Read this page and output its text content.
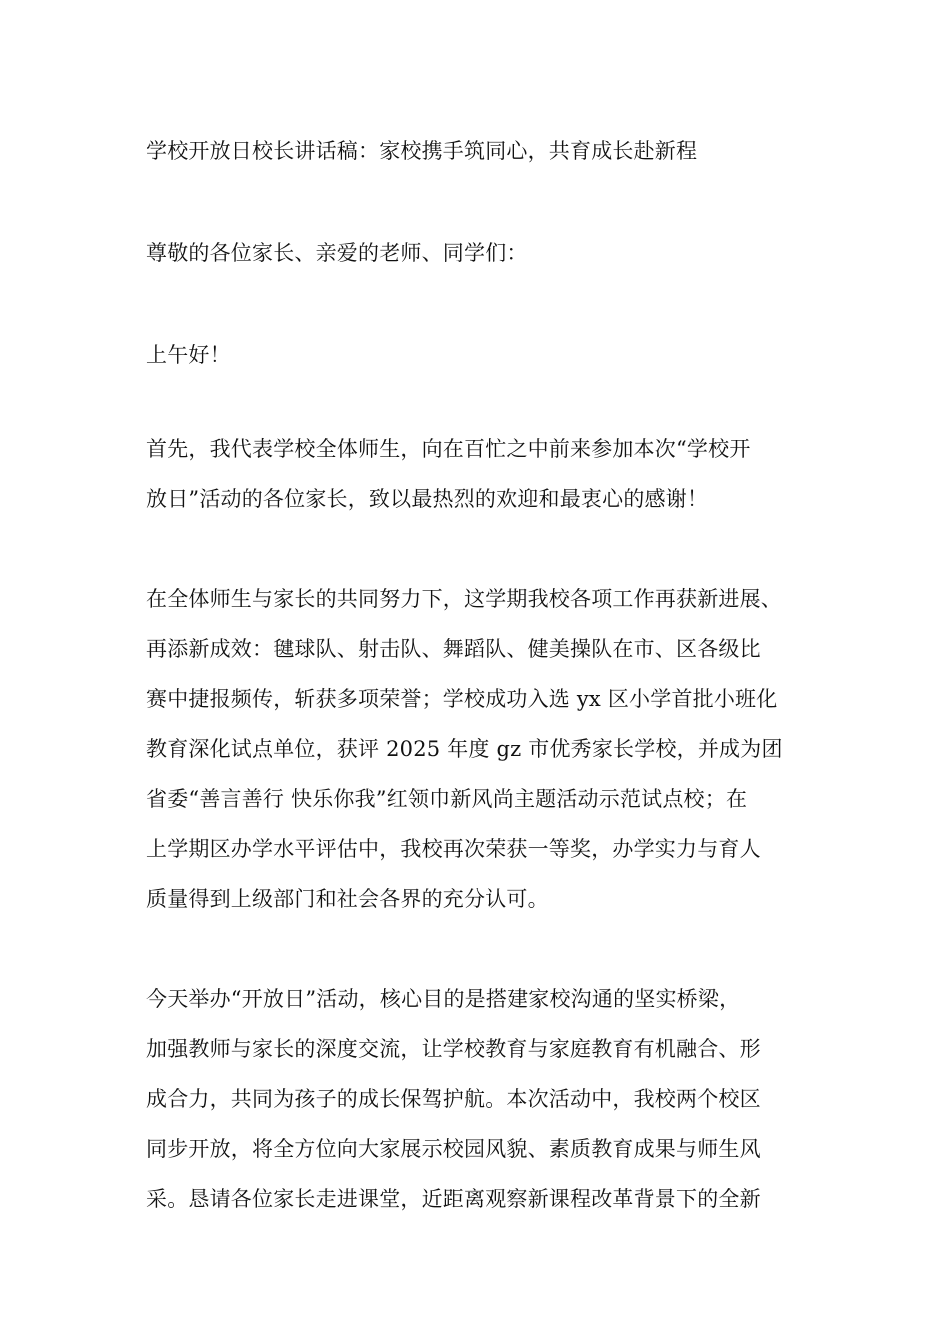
学校开放日校长讲话稿：家校携手筑同心，共育成长赴新程
尊敬的各位家长、亲爱的老师、同学们：
上午好！
首先，我代表学校全体师生，向在百忙之中前来参加本次“学校开
放日”活动的各位家长，致以最热烈的欢迎和最衷心的感谢！
在全体师生与家长的共同努力下，这学期我校各项工作再获新进展、
再添新成效：毽球队、射击队、舞蹈队、健美操队在市、区各级比
赛中捷报频传，斩获多项荣誉；学校成功入选 yx 区小学首批小班化
教育深化试点单位，获评 2025 年度 gz 市优秀家长学校，并成为团
省委“善言善行 快乐你我”红领巾新风尚主题活动示范试点校；在
上学期区办学水平评估中，我校再次荣获一等奖，办学实力与育人
质量得到上级部门和社会各界的充分认可。
今天举办“开放日”活动，核心目的是搭建家校沟通的坚实桥梁，
加强教师与家长的深度交流，让学校教育与家庭教育有机融合、形
成合力，共同为孩子的成长保驾护航。本次活动中，我校两个校区
同步开放，将全方位向大家展示校园风貌、素质教育成果与师生风
采。恳请各位家长走进课堂，近距离观察新课程改革背景下的全新
